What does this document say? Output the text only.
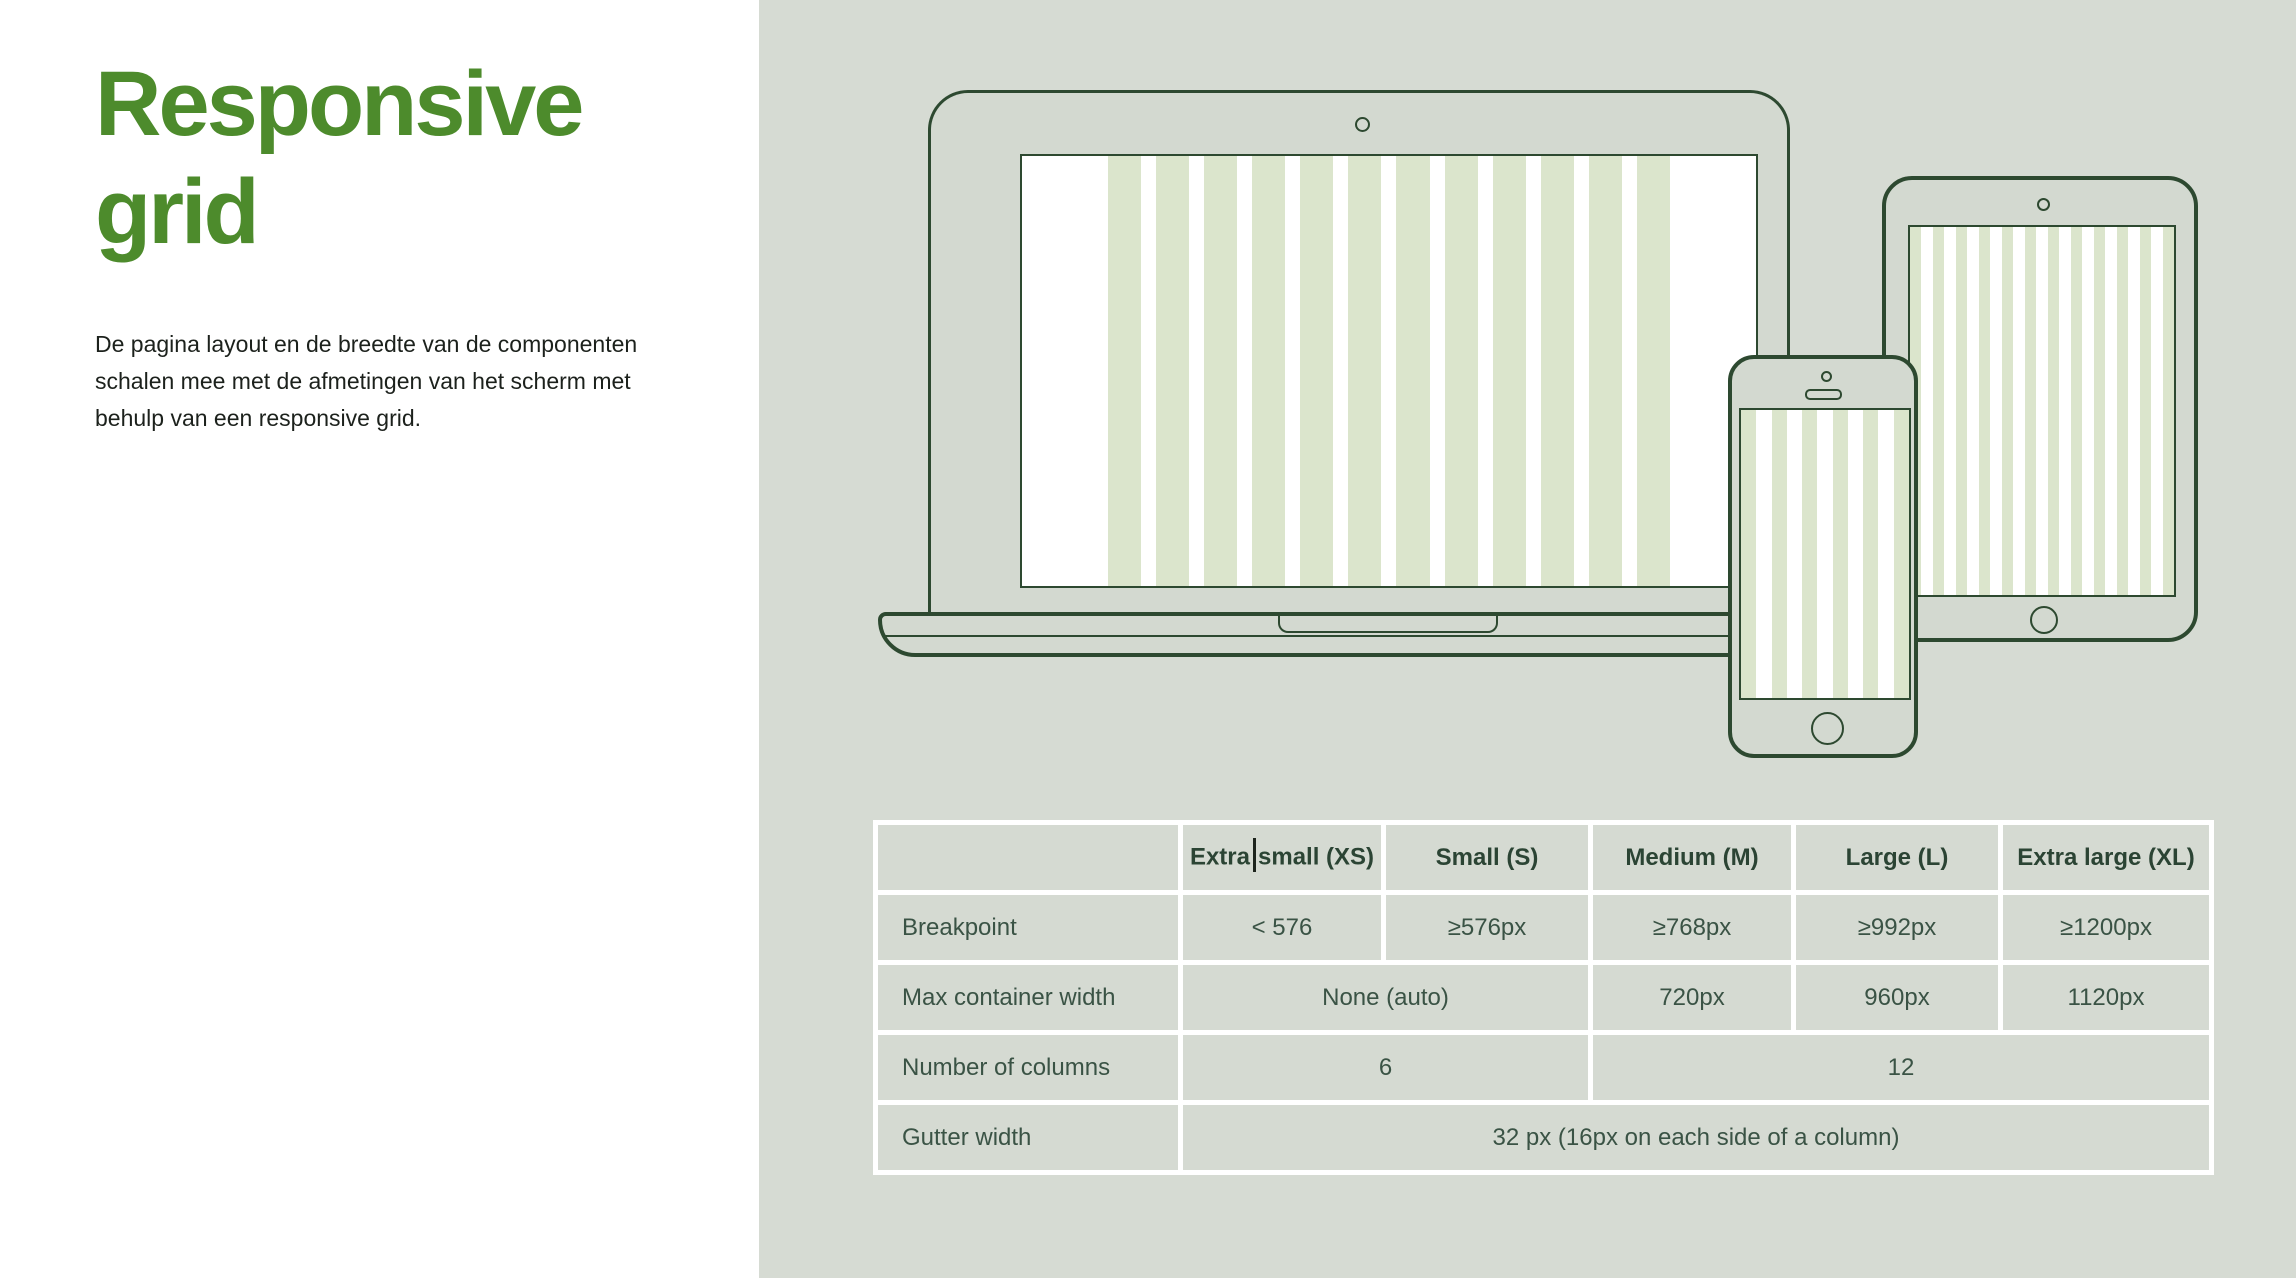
Responsive grid

De pagina layout en de breedte van de componenten schalen mee met de afmetingen van het scherm met behulp van een responsive grid.

	Extra small (XS)	Small (S)	Medium (M)	Large (L)	Extra large (XL)
Breakpoint	< 576	≥576px	≥768px	≥992px	≥1200px
Max container width	None (auto)		720px	960px	1120px
Number of columns	6		12		
Gutter width	32 px (16px on each side of a column)				
